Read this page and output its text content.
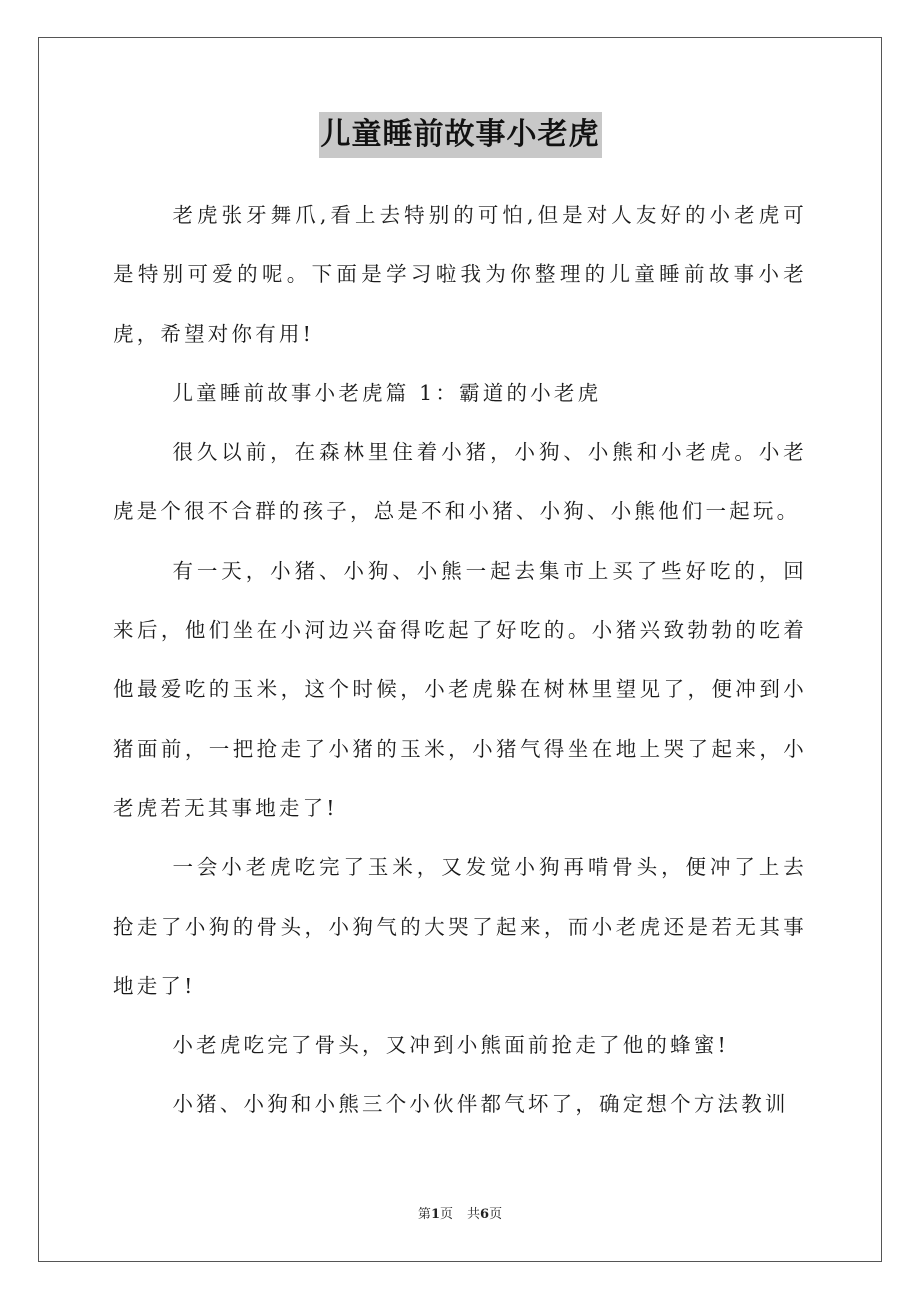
儿童睡前故事小老虎

老虎张牙舞爪,看上去特别的可怕,但是对人友好的小老虎可是特别可爱的呢。下面是学习啦我为你整理的儿童睡前故事小老虎，希望对你有用!

儿童睡前故事小老虎篇 1：霸道的小老虎

很久以前，在森林里住着小猪，小狗、小熊和小老虎。小老虎是个很不合群的孩子，总是不和小猪、小狗、小熊他们一起玩。

有一天，小猪、小狗、小熊一起去集市上买了些好吃的，回来后，他们坐在小河边兴奋得吃起了好吃的。小猪兴致勃勃的吃着他最爱吃的玉米，这个时候，小老虎躲在树林里望见了，便冲到小猪面前，一把抢走了小猪的玉米，小猪气得坐在地上哭了起来，小老虎若无其事地走了!

一会小老虎吃完了玉米，又发觉小狗再啃骨头，便冲了上去抢走了小狗的骨头，小狗气的大哭了起来，而小老虎还是若无其事地走了!

小老虎吃完了骨头，又冲到小熊面前抢走了他的蜂蜜!

小猪、小狗和小熊三个小伙伴都气坏了，确定想个方法教训

第1页 共6页
